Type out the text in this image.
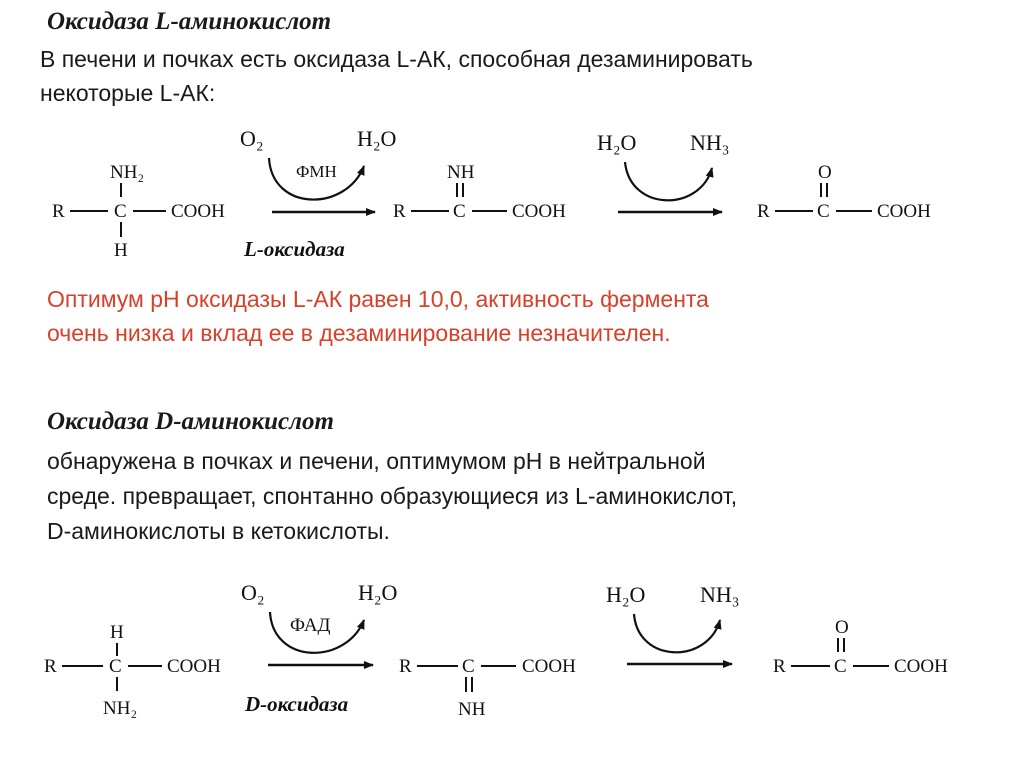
Оксидаза L-аминокислот
В печени и почках есть оксидаза L-АК, способная дезаминировать
некоторые L-АК:
Оптимум рН оксидазы L-АК равен 10,0, активность фермента
очень низка и вклад ее в дезаминирование незначителен.
Оксидаза D-аминокислот
обнаружена в почках и печени, оптимумом рН в нейтральной
среде. превращает, спонтанно образующиеся из L-аминокислот,
D-аминокислоты в кетокислоты.
NH₂
R	C COOH
H
O₂	H₂O
ФМН
L-оксидаза
NH
R C COOH
H₂O NH₃
O
R C COOH
H
R	C COOH
NH₂
O₂	H₂O
ФАД
D-оксидаза
R	C COOH
NH
H₂O NH₃
O
R	C COOH
